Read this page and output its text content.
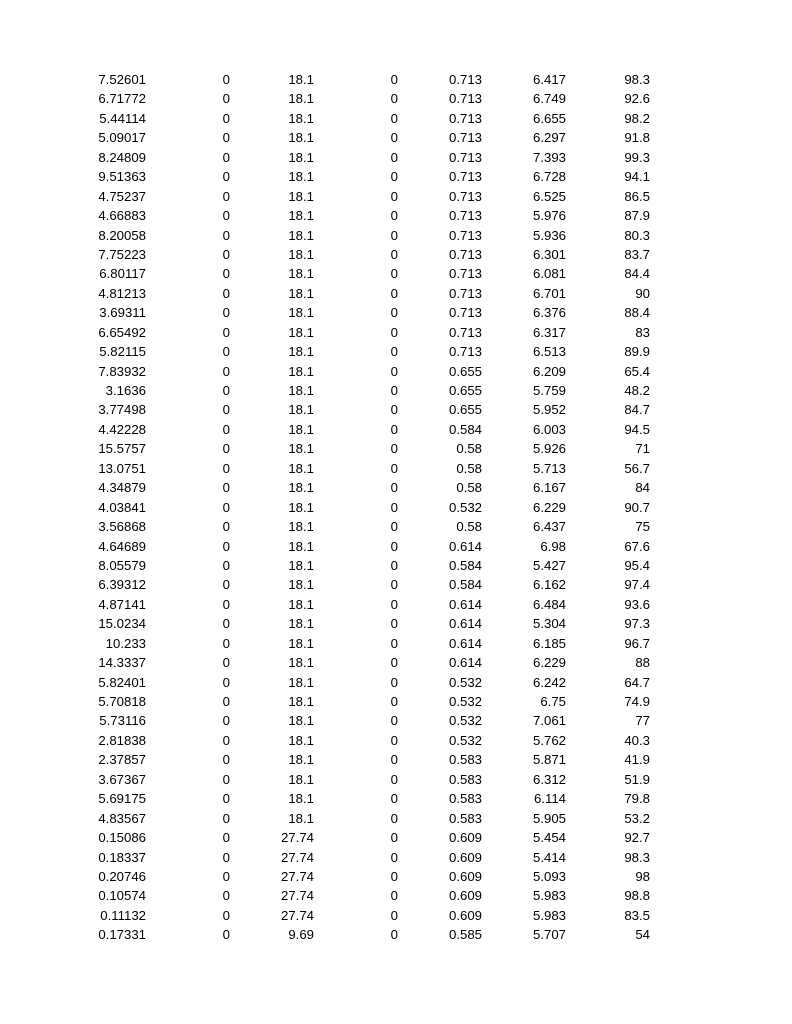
	7.52601	0	18.1	0	0.713	6.417	98.3	
	6.71772	0	18.1	0	0.713	6.749	92.6	
	5.44114	0	18.1	0	0.713	6.655	98.2	
	5.09017	0	18.1	0	0.713	6.297	91.8	
	8.24809	0	18.1	0	0.713	7.393	99.3	
	9.51363	0	18.1	0	0.713	6.728	94.1	
	4.75237	0	18.1	0	0.713	6.525	86.5	
	4.66883	0	18.1	0	0.713	5.976	87.9	
	8.20058	0	18.1	0	0.713	5.936	80.3	
	7.75223	0	18.1	0	0.713	6.301	83.7	
	6.80117	0	18.1	0	0.713	6.081	84.4	
	4.81213	0	18.1	0	0.713	6.701	90	
	3.69311	0	18.1	0	0.713	6.376	88.4	
	6.65492	0	18.1	0	0.713	6.317	83	
	5.82115	0	18.1	0	0.713	6.513	89.9	
	7.83932	0	18.1	0	0.655	6.209	65.4	
	3.1636	0	18.1	0	0.655	5.759	48.2	
	3.77498	0	18.1	0	0.655	5.952	84.7	
	4.42228	0	18.1	0	0.584	6.003	94.5	
	15.5757	0	18.1	0	0.58	5.926	71	
	13.0751	0	18.1	0	0.58	5.713	56.7	
	4.34879	0	18.1	0	0.58	6.167	84	
	4.03841	0	18.1	0	0.532	6.229	90.7	
	3.56868	0	18.1	0	0.58	6.437	75	
	4.64689	0	18.1	0	0.614	6.98	67.6	
	8.05579	0	18.1	0	0.584	5.427	95.4	
	6.39312	0	18.1	0	0.584	6.162	97.4	
	4.87141	0	18.1	0	0.614	6.484	93.6	
	15.0234	0	18.1	0	0.614	5.304	97.3	
	10.233	0	18.1	0	0.614	6.185	96.7	
	14.3337	0	18.1	0	0.614	6.229	88	
	5.82401	0	18.1	0	0.532	6.242	64.7	
	5.70818	0	18.1	0	0.532	6.75	74.9	
	5.73116	0	18.1	0	0.532	7.061	77	
	2.81838	0	18.1	0	0.532	5.762	40.3	
	2.37857	0	18.1	0	0.583	5.871	41.9	
	3.67367	0	18.1	0	0.583	6.312	51.9	
	5.69175	0	18.1	0	0.583	6.114	79.8	
	4.83567	0	18.1	0	0.583	5.905	53.2	
	0.15086	0	27.74	0	0.609	5.454	92.7	
	0.18337	0	27.74	0	0.609	5.414	98.3	
	0.20746	0	27.74	0	0.609	5.093	98	
	0.10574	0	27.74	0	0.609	5.983	98.8	
	0.11132	0	27.74	0	0.609	5.983	83.5	
	0.17331	0	9.69	0	0.585	5.707	54	
